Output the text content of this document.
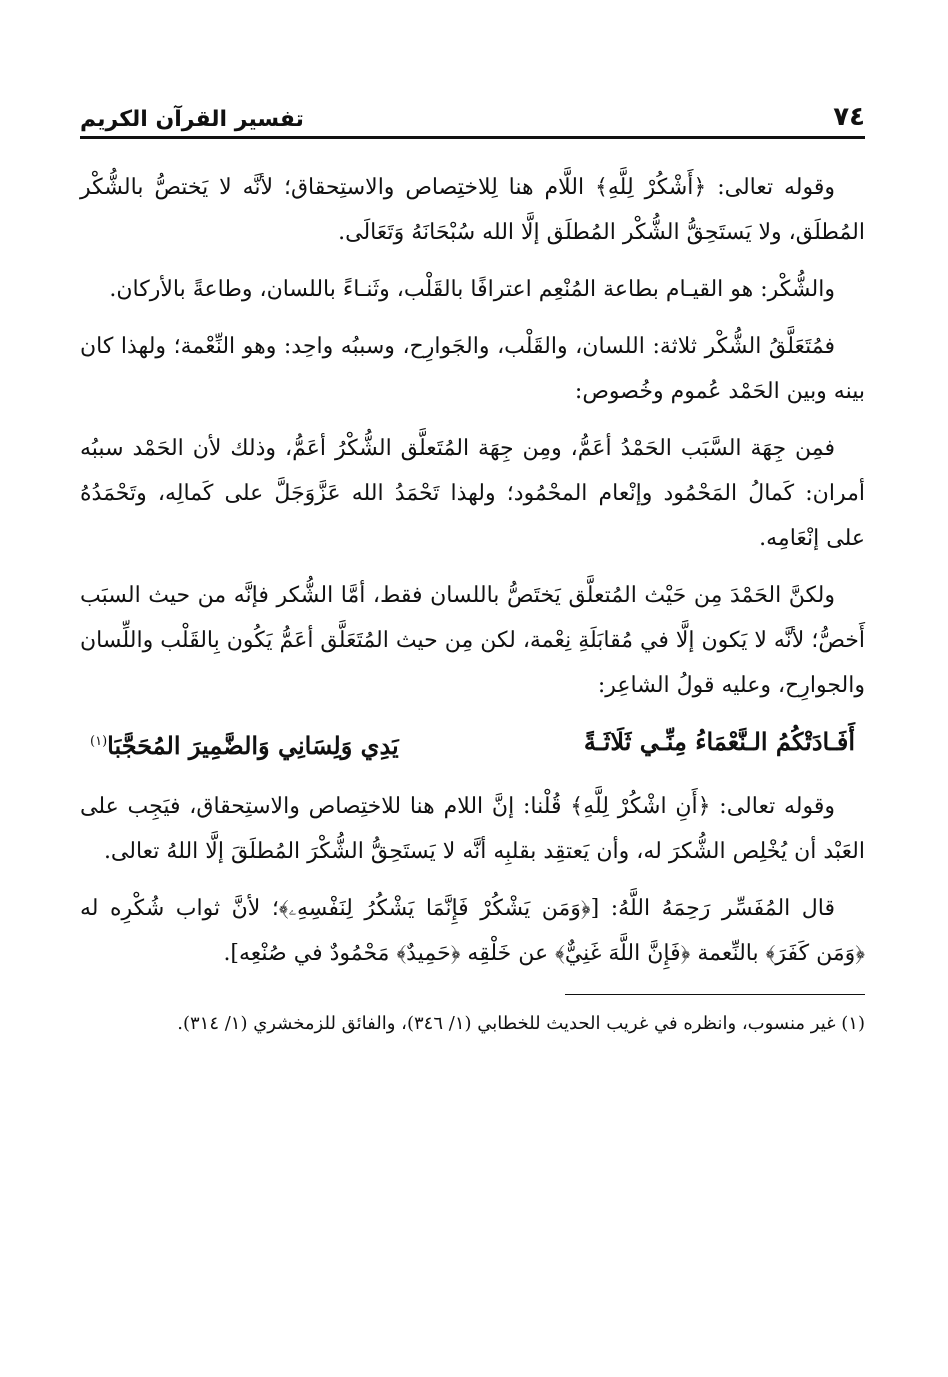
٧٤
تفسير القرآن الكريم

وقوله تعالى: ﴿أَشْكُرْ لِلَّهِ﴾ اللَّام هنا لِلاختِصاص والاستِحقاق؛ لأنَّه لا يَختصُّ بالشُّكْر المُطلَق، ولا يَستَحِقُّ الشُّكْر المُطلَق إلَّا الله سُبْحَانَهُ وَتَعَالَى.

والشُّكْر: هو القيـام بطاعة المُنْعِم اعترافًا بالقَلْب، وثَنـاءً باللسان، وطاعةً بالأركان.

فمُتَعَلَّقُ الشُّكْر ثلاثة: اللسان، والقَلْب، والجَوارِح، وسببُه واحِد: وهو النِّعْمة؛ ولهذا كان بينه وبين الحَمْد عُموم وخُصوص:

فمِن جِهَة السَّبَب الحَمْدُ أعَمُّ، ومِن جِهَة المُتَعلَّق الشُّكْرُ أعَمُّ، وذلك لأن الحَمْد سببُه أمران: كَمالُ المَحْمُود وإنْعام المحْمُود؛ ولهذا تَحْمَدُ الله عَزَّوَجَلَّ على كَمالِه، وتَحْمَدُهُ على إنْعَامِه.

ولكنَّ الحَمْدَ مِن حَيْث المُتعلَّق يَختَصُّ باللسان فقط، أمَّا الشُّكر فإنَّه من حيث السبَب أَخصُّ؛ لأنَّه لا يَكون إلَّا في مُقابَلَةِ نِعْمة، لكن مِن حيث المُتَعَلَّق أعَمُّ يَكُون بِالقَلْب واللِّسان والجوارِح، وعليه قولُ الشاعِر:

أَفَـادَتْكُمُ الـنَّعْمَاءُ مِنِّـي ثَلَاثَـةً
يَدِي وَلِسَانِي وَالضَّمِيرَ المُحَجَّبَا$^{(١)}$

وقوله تعالى: ﴿أَنِ اشْكُرْ لِلَّهِ﴾ قُلْنا: إنَّ اللام هنا للاختِصاص والاستِحقاق، فيَجِب على العَبْد أن يُخْلِص الشُّكرَ له، وأن يَعتقِد بقلبِه أنَّه لا يَستَحِقُّ الشُّكْرَ المُطلَقَ إلَّا اللهُ تعالى.

قال المُفَسِّر رَحِمَهُ اللَّهُ: [﴿وَمَن يَشْكُرْ فَإِنَّمَا يَشْكُرُ لِنَفْسِهِۦ﴾؛ لأنَّ ثواب شُكْرِه له ﴿وَمَن كَفَرَ﴾ بالنِّعمة ﴿فَإِنَّ اللَّهَ غَنِيٌّ﴾ عن خَلْقِه ﴿حَمِيدٌ﴾ مَحْمُودٌ في صُنْعِه].

(١) غير منسوب، وانظره في غريب الحديث للخطابي (١/ ٣٤٦)، والفائق للزمخشري (١/ ٣١٤).
